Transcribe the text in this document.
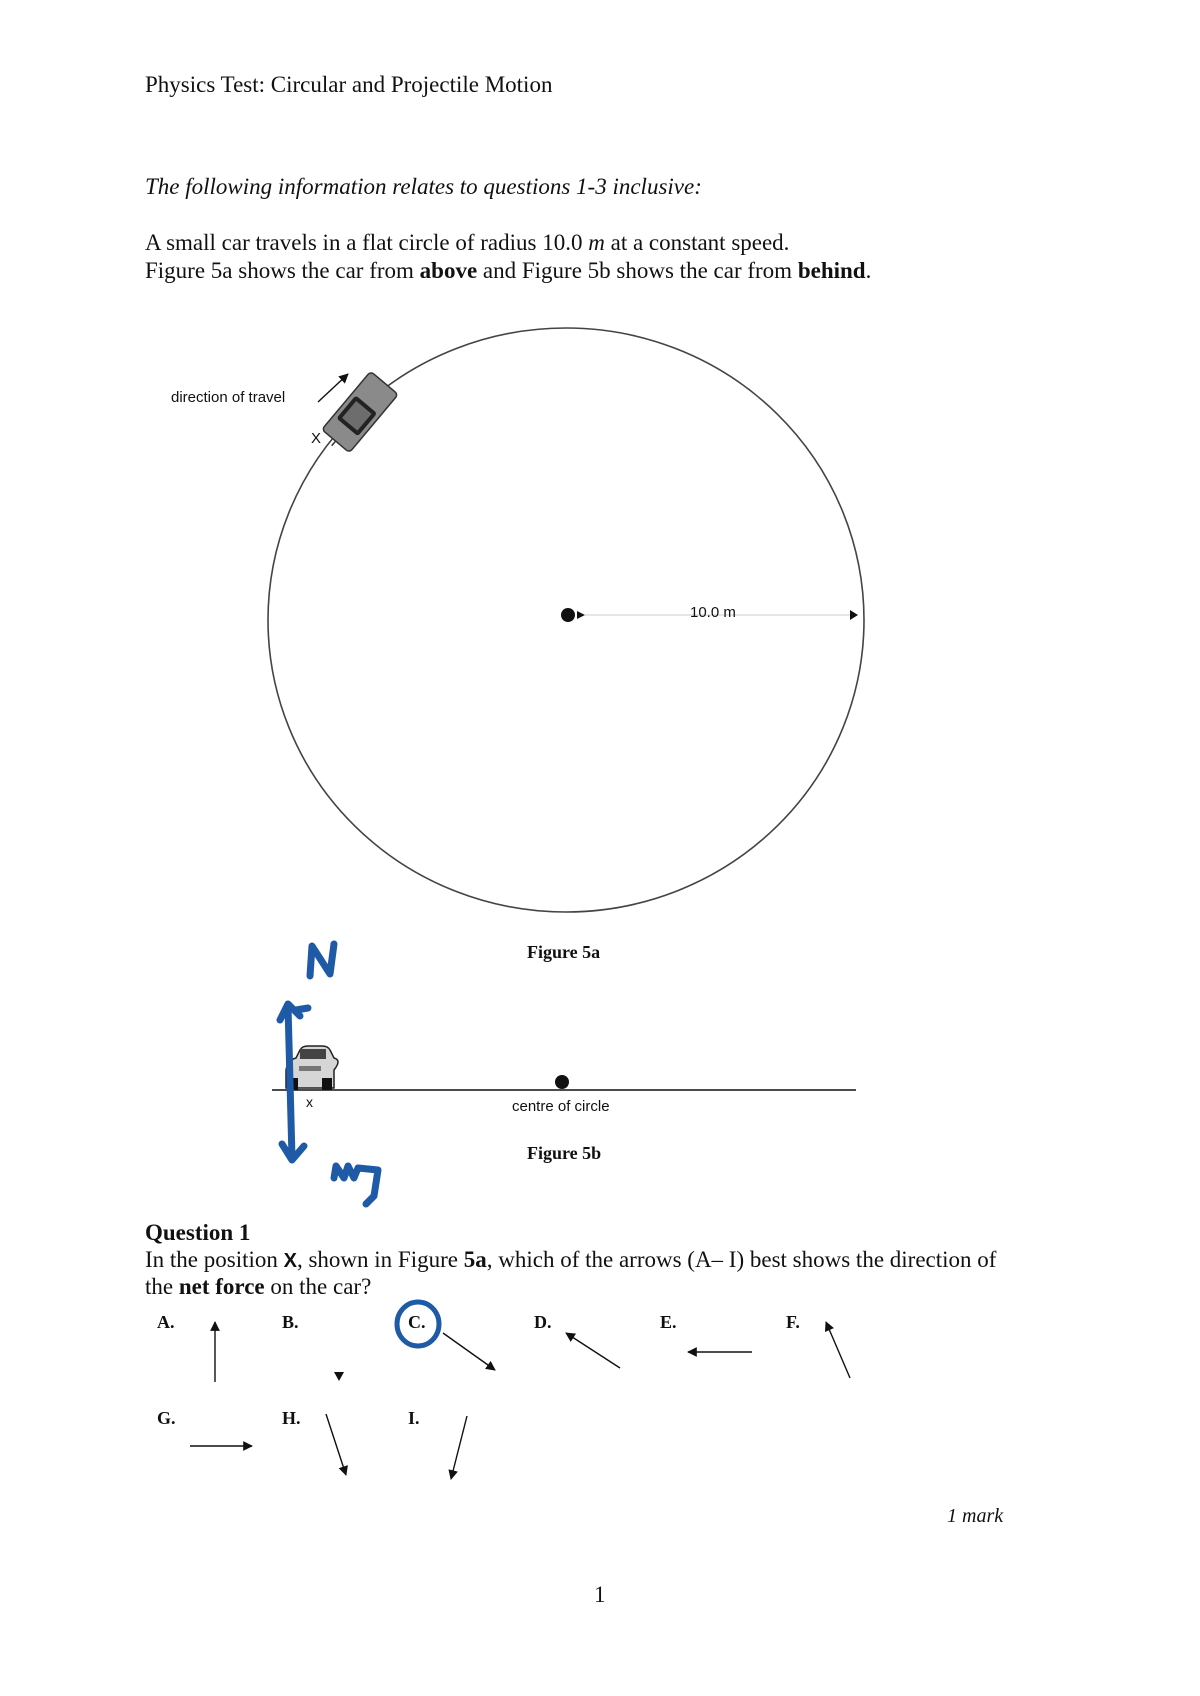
Physics Test: Circular and Projectile Motion
The following information relates to questions 1-3 inclusive:
A small car travels in a flat circle of radius 10.0 m at a constant speed.
Figure 5a shows the car from above and Figure 5b shows the car from behind.
direction of travel
X
10.0 m
Figure 5a
x	centre of circle
Figure 5b
Question 1
In the position X, shown in Figure 5a, which of the arrows (A– I) best shows the direction of
the net force on the car?
A.	B.	C.	D.	E.	F.
G.	H.	I.
1 mark
1
